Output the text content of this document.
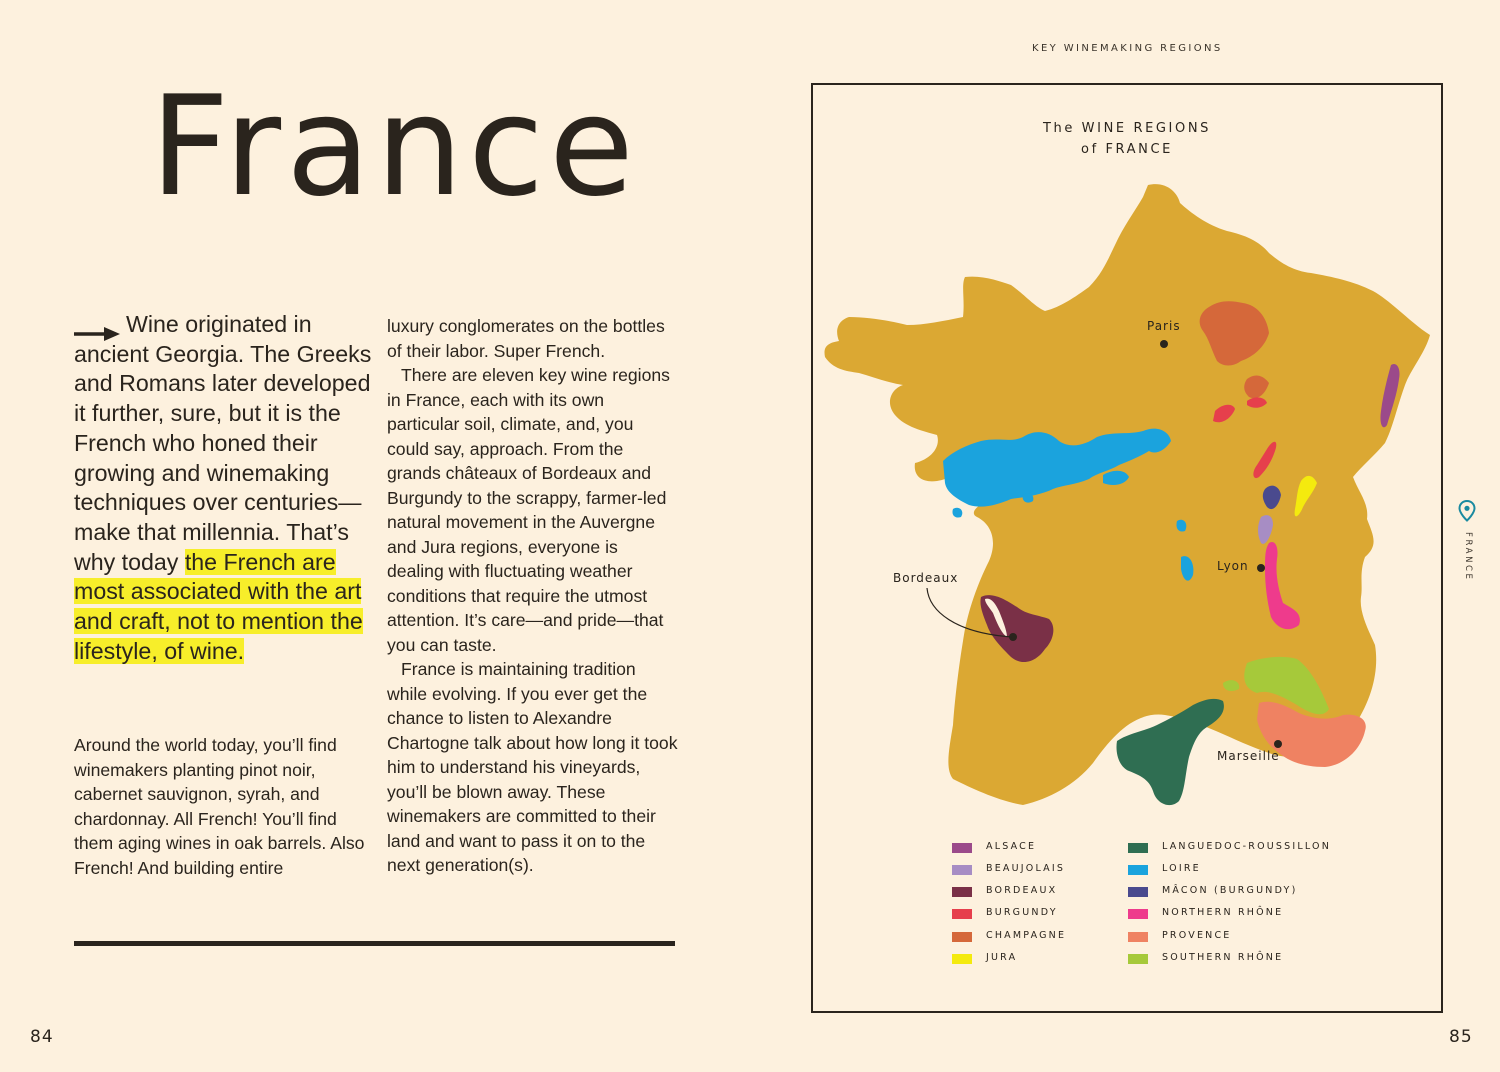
KEY WINEMAKING REGIONS
France
Wine originated in ancient Georgia. The Greeks and Romans later developed it further, sure, but it is the French who honed their growing and winemaking techniques over centuries—make that millennia. That’s why today the French are most associated with the art and craft, not to mention the lifestyle, of wine.

Around the world today, you’ll find winemakers planting pinot noir, cabernet sauvignon, syrah, and chardonnay. All French! You’ll find them aging wines in oak barrels. Also French! And building entire

luxury conglomerates on the bottles of their labor. Super French.

There are eleven key wine regions in France, each with its own particular soil, climate, and, you could say, approach. From the grands châteaux of Bordeaux and Burgundy to the scrappy, farmer-led natural movement in the Auvergne and Jura regions, everyone is dealing with fluctuating weather conditions that require the utmost attention. It’s care—and pride—that you can taste.

France is maintaining tradition while evolving. If you ever get the chance to listen to Alexandre Chartogne talk about how long it took him to understand his vineyards, you’ll be blown away. These winemakers are committed to their land and want to pass it on to the next generation(s).

84	85
FRANCE
The WINE REGIONS
of FRANCE
Paris
Bordeaux
Lyon
Marseille
ALSACE
BEAUJOLAIS
BORDEAUX
BURGUNDY
CHAMPAGNE
JURA
LANGUEDOC-ROUSSILLON
LOIRE
MÂCON (BURGUNDY)
NORTHERN RHÔNE
PROVENCE
SOUTHERN RHÔNE
